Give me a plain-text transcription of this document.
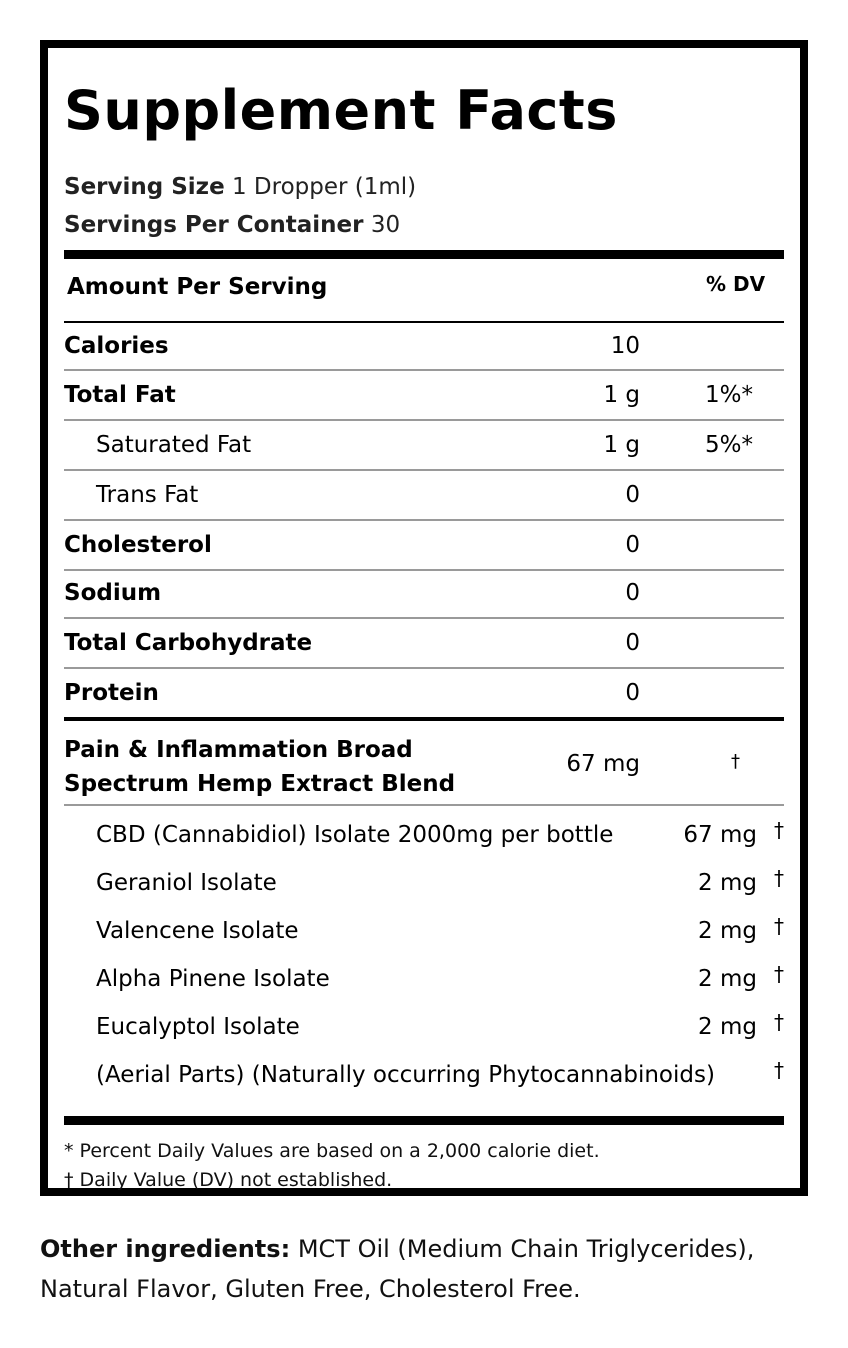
Supplement Facts
Serving Size 1 Dropper (1ml)
Servings Per Container 30
Amount Per Serving	% DV
Calories	10
Total Fat	1 g	1%*
Saturated Fat	1 g	5%*
Trans Fat	0
Cholesterol	0
Sodium	0
Total Carbohydrate	0
Protein	0
Pain & Inflammation Broad
Spectrum Hemp Extract Blend
67 mg	†
CBD (Cannabidiol) Isolate 2000mg per bottle	67 mg †
Geraniol Isolate	2 mg †
Valencene Isolate	2 mg †
Alpha Pinene Isolate	2 mg †
Eucalyptol Isolate	2 mg †
(Aerial Parts) (Naturally occurring Phytocannabinoids)	†
* Percent Daily Values are based on a 2,000 calorie diet.
† Daily Value (DV) not established.
Other ingredients: MCT Oil (Medium Chain Triglycerides), Natural Flavor, Gluten Free, Cholesterol Free.
